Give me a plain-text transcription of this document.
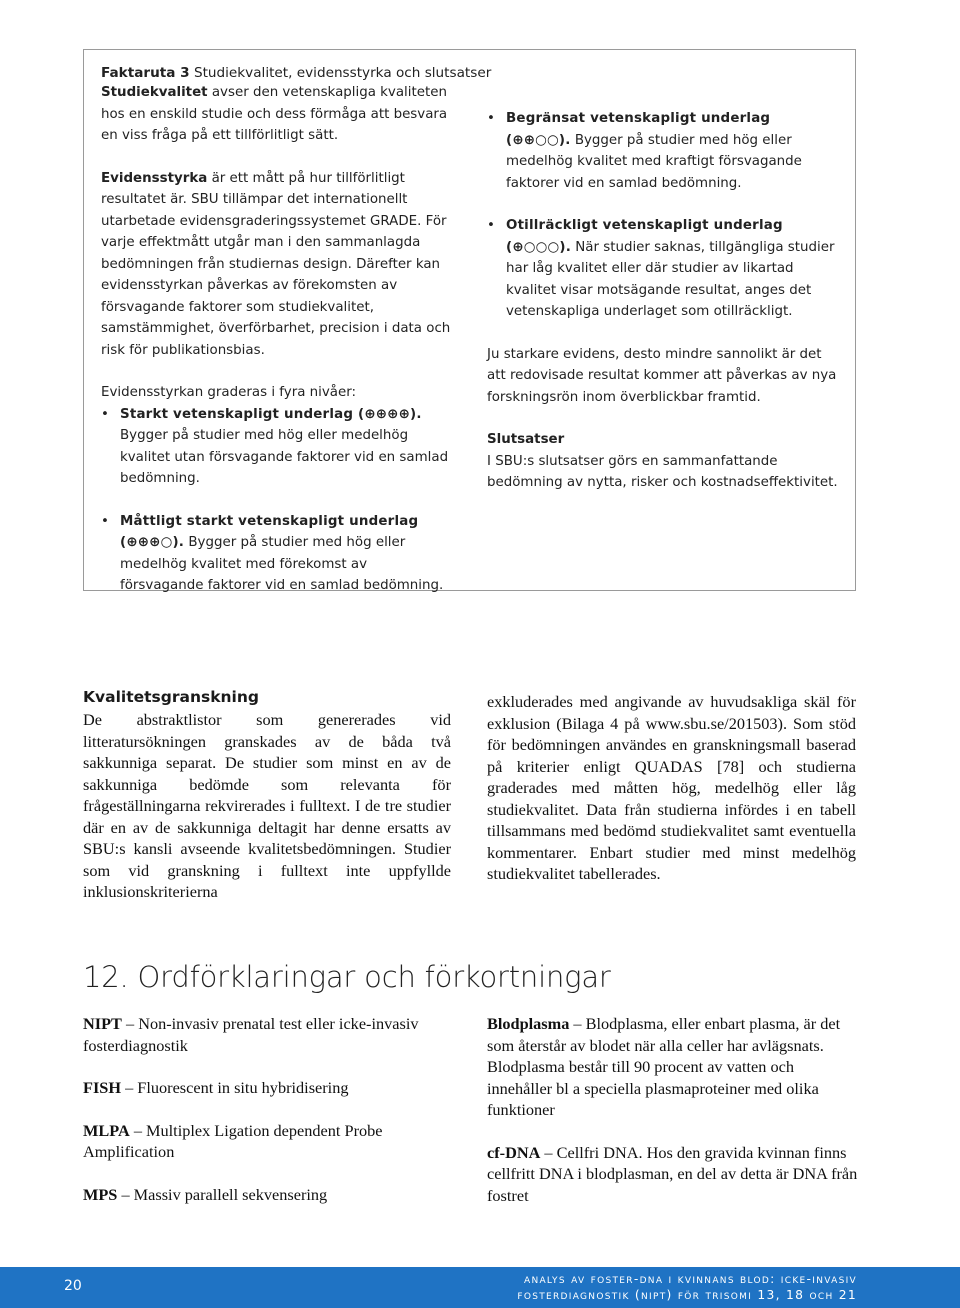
Faktaruta 3 Studiekvalitet, evidensstyrka och slutsatser

Studiekvalitet avser den vetenskapliga kvaliteten hos en enskild studie och dess förmåga att besvara en viss fråga på ett tillförlitligt sätt.

Evidensstyrka är ett mått på hur tillförlitligt resultatet är. SBU tillämpar det internationellt utarbetade evidensgraderingssystemet GRADE. För varje effektmått utgår man i den sammanlagda bedömningen från studiernas design. Därefter kan evidensstyrkan påverkas av förekomsten av försvagande faktorer som studiekvalitet, samstämmighet, överförbarhet, precision i data och risk för publikationsbias.

Evidensstyrkan graderas i fyra nivåer:

• Starkt vetenskapligt underlag (⊕⊕⊕⊕). Bygger på studier med hög eller medelhög kvalitet utan försvagande faktorer vid en samlad bedömning.
• Måttligt starkt vetenskapligt underlag (⊕⊕⊕○). Bygger på studier med hög eller medelhög kvalitet med förekomst av försvagande faktorer vid en samlad bedömning.
• Begränsat vetenskapligt underlag (⊕⊕○○). Bygger på studier med hög eller medelhög kvalitet med kraftigt försvagande faktorer vid en samlad bedömning.
• Otillräckligt vetenskapligt underlag (⊕○○○). När studier saknas, tillgängliga studier har låg kvalitet eller där studier av likartad kvalitet visar motsägande resultat, anges det vetenskapliga underlaget som otillräckligt.

Ju starkare evidens, desto mindre sannolikt är det att redovisade resultat kommer att påverkas av nya forskningsrön inom överblickbar framtid.

Slutsatser

I SBU:s slutsatser görs en sammanfattande bedömning av nytta, risker och kostnadseffektivitet.

Kvalitetsgranskning

De abstraktlistor som genererades vid litteratursökningen granskades av de båda två sakkunniga separat. De studier som minst en av de sakkunniga bedömde som relevanta för frågeställningarna rekvirerades i fulltext. I de tre studier där en av de sakkunniga deltagit har denne ersatts av SBU:s kansli avseende kvalitetsbedömningen. Studier som vid granskning i fulltext inte uppfyllde inklusionskriterierna

exkluderades med angivande av huvudsakliga skäl för exklusion (Bilaga 4 på www.sbu.se/201503). Som stöd för bedömningen användes en granskningsmall baserad på kriterier enligt QUADAS [78] och studierna graderades med måtten hög, medelhög eller låg studiekvalitet. Data från studierna infördes i en tabell tillsammans med bedömd studiekvalitet samt eventuella kommentarer. Enbart studier med minst medelhög studiekvalitet tabellerades.
12. Ordförklaringar och förkortningar

NIPT – Non-invasiv prenatal test eller icke-invasiv fosterdiagnostik

FISH – Fluorescent in situ hybridisering

MLPA – Multiplex Ligation dependent Probe Amplification

MPS – Massiv parallell sekvensering

Blodplasma – Blodplasma, eller enbart plasma, är det som återstår av blodet när alla celler har avlägsnats. Blodplasma består till 90 procent av vatten och innehåller bl a speciella plasmaproteiner med olika funktioner

cf-DNA – Cellfri DNA. Hos den gravida kvinnan finns cellfritt DNA i blodplasman, en del av detta är DNA från fostret

20	analys av foster-dna i kvinnans blod: icke-invasiv
fosterdiagnostik (nipt) för trisomi 13, 18 och 21
